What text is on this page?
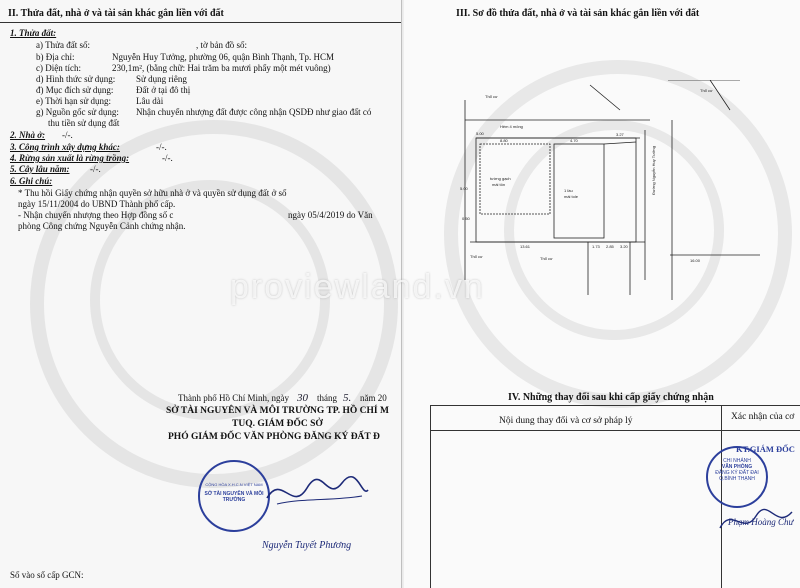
II. Thửa đất, nhà ở và tài sản khác gắn liền với đất
1. Thửa đất:
a) Thửa đất số:	, tờ bản đồ số:
b) Địa chỉ:	Nguyễn Huy Tưởng, phường 06, quận Bình Thạnh, Tp. HCM
c) Diện tích:	230,1m², (bằng chữ: Hai trăm ba mươi phẩy một mét vuông)
d) Hình thức sử dụng: Sử dụng riêng
đ) Mục đích sử dụng:	Đất ở tại đô thị
e) Thời hạn sử dụng:	Lâu dài
g) Nguồn gốc sử dụng: Nhận chuyển nhượng đất được công nhận QSDĐ như giao đất có
thu tiền sử dụng đất
2. Nhà ở: -/-.
3. Công trình xây dựng khác:	-/-.
4. Rừng sản xuất là rừng trồng:	-/-.
5. Cây lâu năm: -/-.
6. Ghi chú:
* Thu hồi Giấy chứng nhận quyền sở hữu nhà ở và quyền sử dụng đất ở số
ngày 15/11/2004 do UBND Thành phố cấp.
- Nhận chuyển nhượng theo Hợp đồng số c	ngày 05/4/2019 do Văn
phòng Công chứng Nguyễn Cảnh chứng nhận.
Thành phố Hồ Chí Minh, ngày 30 tháng 5. năm 20
SỞ TÀI NGUYÊN VÀ MÔI TRƯỜNG TP. HỒ CHÍ M
TUQ. GIÁM ĐỐC SỞ
PHÓ GIÁM ĐỐC VĂN PHÒNG ĐĂNG KÝ ĐẤT Đ
CỘNG HÒA X.H.C.N VIỆT NAM
SỞ TÀI NGUYÊN VÀ MÔI TRƯỜNG
Nguyễn Tuyết Phương
Số vào sổ cấp GCN:
III. Sơ đồ thửa đất, nhà ở và tài sản khác gắn liền với đất
Thổ cư
Thổ cư
Hẻm 4 mông
tường gạch
mái tôn
1 lầu
mái tole
Thổ cư	Thổ cư
Đường Nguyễn Huy Tưởng
5.00
8.80	4.70
3.27
13.61	1.73 2.85 3.20
16.00
5.00
0.50
proviewland.vn
IV. Những thay đổi sau khi cấp giấy chứng nhận
Nội dung thay đổi và cơ sở pháp lý	Xác nhận của cơ
KT.GIÁM ĐỐC
CHI NHÁNH
VĂN PHÒNG
ĐĂNG KÝ ĐẤT ĐAI
Q.BÌNH THẠNH
Phạm Hoàng Chư
